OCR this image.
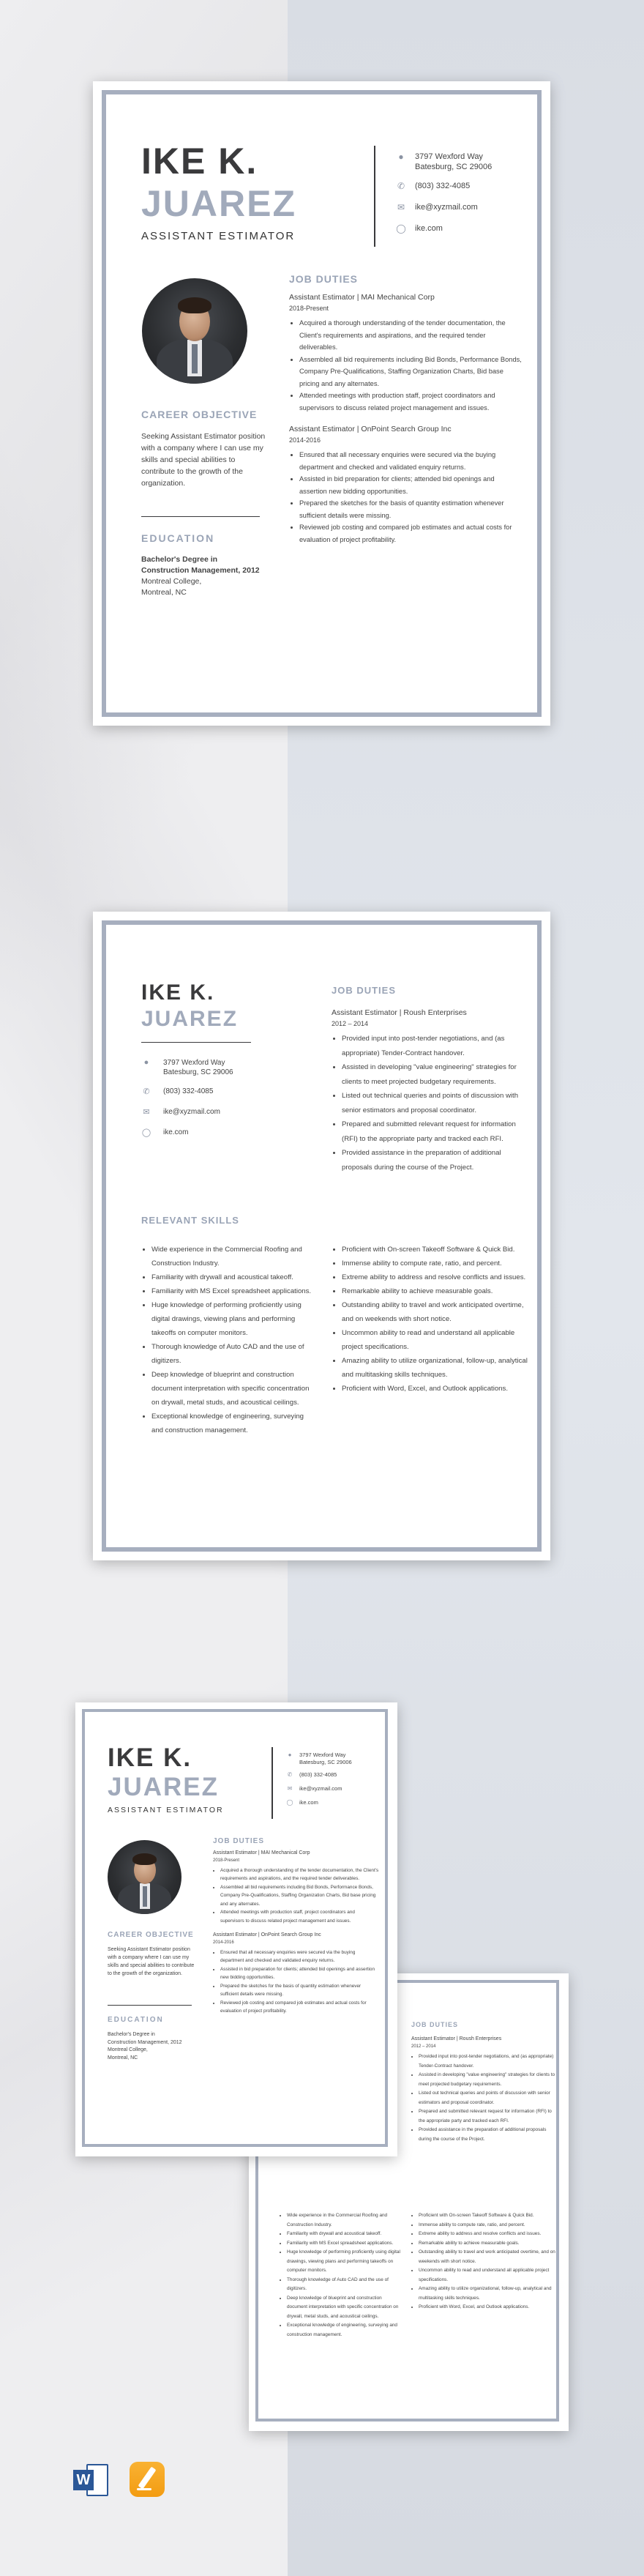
IKE K.
JUAREZ
ASSISTANT ESTIMATOR
●	3797 Wexford Way
Batesburg, SC 29006
✆ (803) 332-4085
✉ ike@xyzmail.com
◯ ike.com
CAREER OBJECTIVE
Seeking Assistant Estimator position with a company where I can use my skills and special abilities to contribute to the growth of the organization.
EDUCATION
Bachelor's Degree in
Construction Management, 2012
Montreal College,
Montreal, NC
JOB DUTIES
Assistant Estimator | MAI Mechanical Corp
2018-Present
• Acquired a thorough understanding of the tender documentation, the Client's requirements and aspirations, and the required tender deliverables.
• Assembled all bid requirements including Bid Bonds, Performance Bonds, Company Pre-Qualifications, Staffing Organization Charts, Bid base pricing and any alternates.
• Attended meetings with production staff, project coordinators and supervisors to discuss related project management and issues.
Assistant Estimator | OnPoint Search Group Inc
2014-2016
• Ensured that all necessary enquiries were secured via the buying department and checked and validated enquiry returns.
• Assisted in bid preparation for clients; attended bid openings and assertion new bidding opportunities.
• Prepared the sketches for the basis of quantity estimation whenever sufficient details were missing.
• Reviewed job costing and compared job estimates and actual costs for evaluation of project profitability.
IKE K.
JUAREZ
●	3797 Wexford Way
Batesburg, SC 29006
✆ (803) 332-4085
✉ ike@xyzmail.com
◯ ike.com
JOB DUTIES
Assistant Estimator | Roush Enterprises
2012 – 2014
• Provided input into post-tender negotiations, and (as appropriate) Tender-Contract handover.
• Assisted in developing "value engineering" strategies for clients to meet projected budgetary requirements.
• Listed out technical queries and points of discussion with senior estimators and proposal coordinator.
• Prepared and submitted relevant request for information (RFI) to the appropriate party and tracked each RFI.
• Provided assistance in the preparation of additional proposals during the course of the Project.
RELEVANT SKILLS
• Wide experience in the Commercial Roofing and Construction Industry.
• Familiarity with drywall and acoustical takeoff.
• Familiarity with MS Excel spreadsheet applications.
• Huge knowledge of performing proficiently using digital drawings, viewing plans and performing takeoffs on computer monitors.
• Thorough knowledge of Auto CAD and the use of digitizers.
• Deep knowledge of blueprint and construction document interpretation with specific concentration on drywall, metal studs, and acoustical ceilings.
• Exceptional knowledge of engineering, surveying and construction management.
• Proficient with On-screen Takeoff Software & Quick Bid.
• Immense ability to compute rate, ratio, and percent.
• Extreme ability to address and resolve conflicts and issues.
• Remarkable ability to achieve measurable goals.
• Outstanding ability to travel and work anticipated overtime, and on weekends with short notice.
• Uncommon ability to read and understand all applicable project specifications.
• Amazing ability to utilize organizational, follow-up, analytical and multitasking skills techniques.
• Proficient with Word, Excel, and Outlook applications.
JOB DUTIES
Assistant Estimator | Roush Enterprises
2012 – 2014
• Provided input into post-tender negotiations, and (as appropriate) Tender-Contract handover.
• Assisted in developing "value engineering" strategies for clients to meet projected budgetary requirements.
• Listed out technical queries and points of discussion with senior estimators and proposal coordinator.
• Prepared and submitted relevant request for information (RFI) to the appropriate party and tracked each RFI.
• Provided assistance in the preparation of additional proposals during the course of the Project.
• Wide experience in the Commercial Roofing and Construction Industry.
• Familiarity with drywall and acoustical takeoff.
• Familiarity with MS Excel spreadsheet applications.
• Huge knowledge of performing proficiently using digital drawings, viewing plans and performing takeoffs on computer monitors.
• Thorough knowledge of Auto CAD and the use of digitizers.
• Deep knowledge of blueprint and construction document interpretation with specific concentration on drywall, metal studs, and acoustical ceilings.
• Exceptional knowledge of engineering, surveying and construction management.
• Proficient with On-screen Takeoff Software & Quick Bid.
• Immense ability to compute rate, ratio, and percent.
• Extreme ability to address and resolve conflicts and issues.
• Remarkable ability to achieve measurable goals.
• Outstanding ability to travel and work anticipated overtime, and on weekends with short notice.
• Uncommon ability to read and understand all applicable project specifications.
• Amazing ability to utilize organizational, follow-up, analytical and multitasking skills techniques.
• Proficient with Word, Excel, and Outlook applications.
IKE K.
JUAREZ
ASSISTANT ESTIMATOR
●	3797 Wexford Way
Batesburg, SC 29006
✆ (803) 332-4085
✉ ike@xyzmail.com
◯ ike.com
CAREER OBJECTIVE
Seeking Assistant Estimator position with a company where I can use my skills and special abilities to contribute to the growth of the organization.
EDUCATION
Bachelor's Degree in
Construction Management, 2012
Montreal College,
Montreal, NC
JOB DUTIES
Assistant Estimator | MAI Mechanical Corp
2018-Present
• Acquired a thorough understanding of the tender documentation, the Client's requirements and aspirations, and the required tender deliverables.
• Assembled all bid requirements including Bid Bonds, Performance Bonds, Company Pre-Qualifications, Staffing Organization Charts, Bid base pricing and any alternates.
• Attended meetings with production staff, project coordinators and supervisors to discuss related project management and issues.
Assistant Estimator | OnPoint Search Group Inc
2014-2016
• Ensured that all necessary enquiries were secured via the buying department and checked and validated enquiry returns.
• Assisted in bid preparation for clients; attended bid openings and assertion new bidding opportunities.
• Prepared the sketches for the basis of quantity estimation whenever sufficient details were missing.
• Reviewed job costing and compared job estimates and actual costs for evaluation of project profitability.
W
